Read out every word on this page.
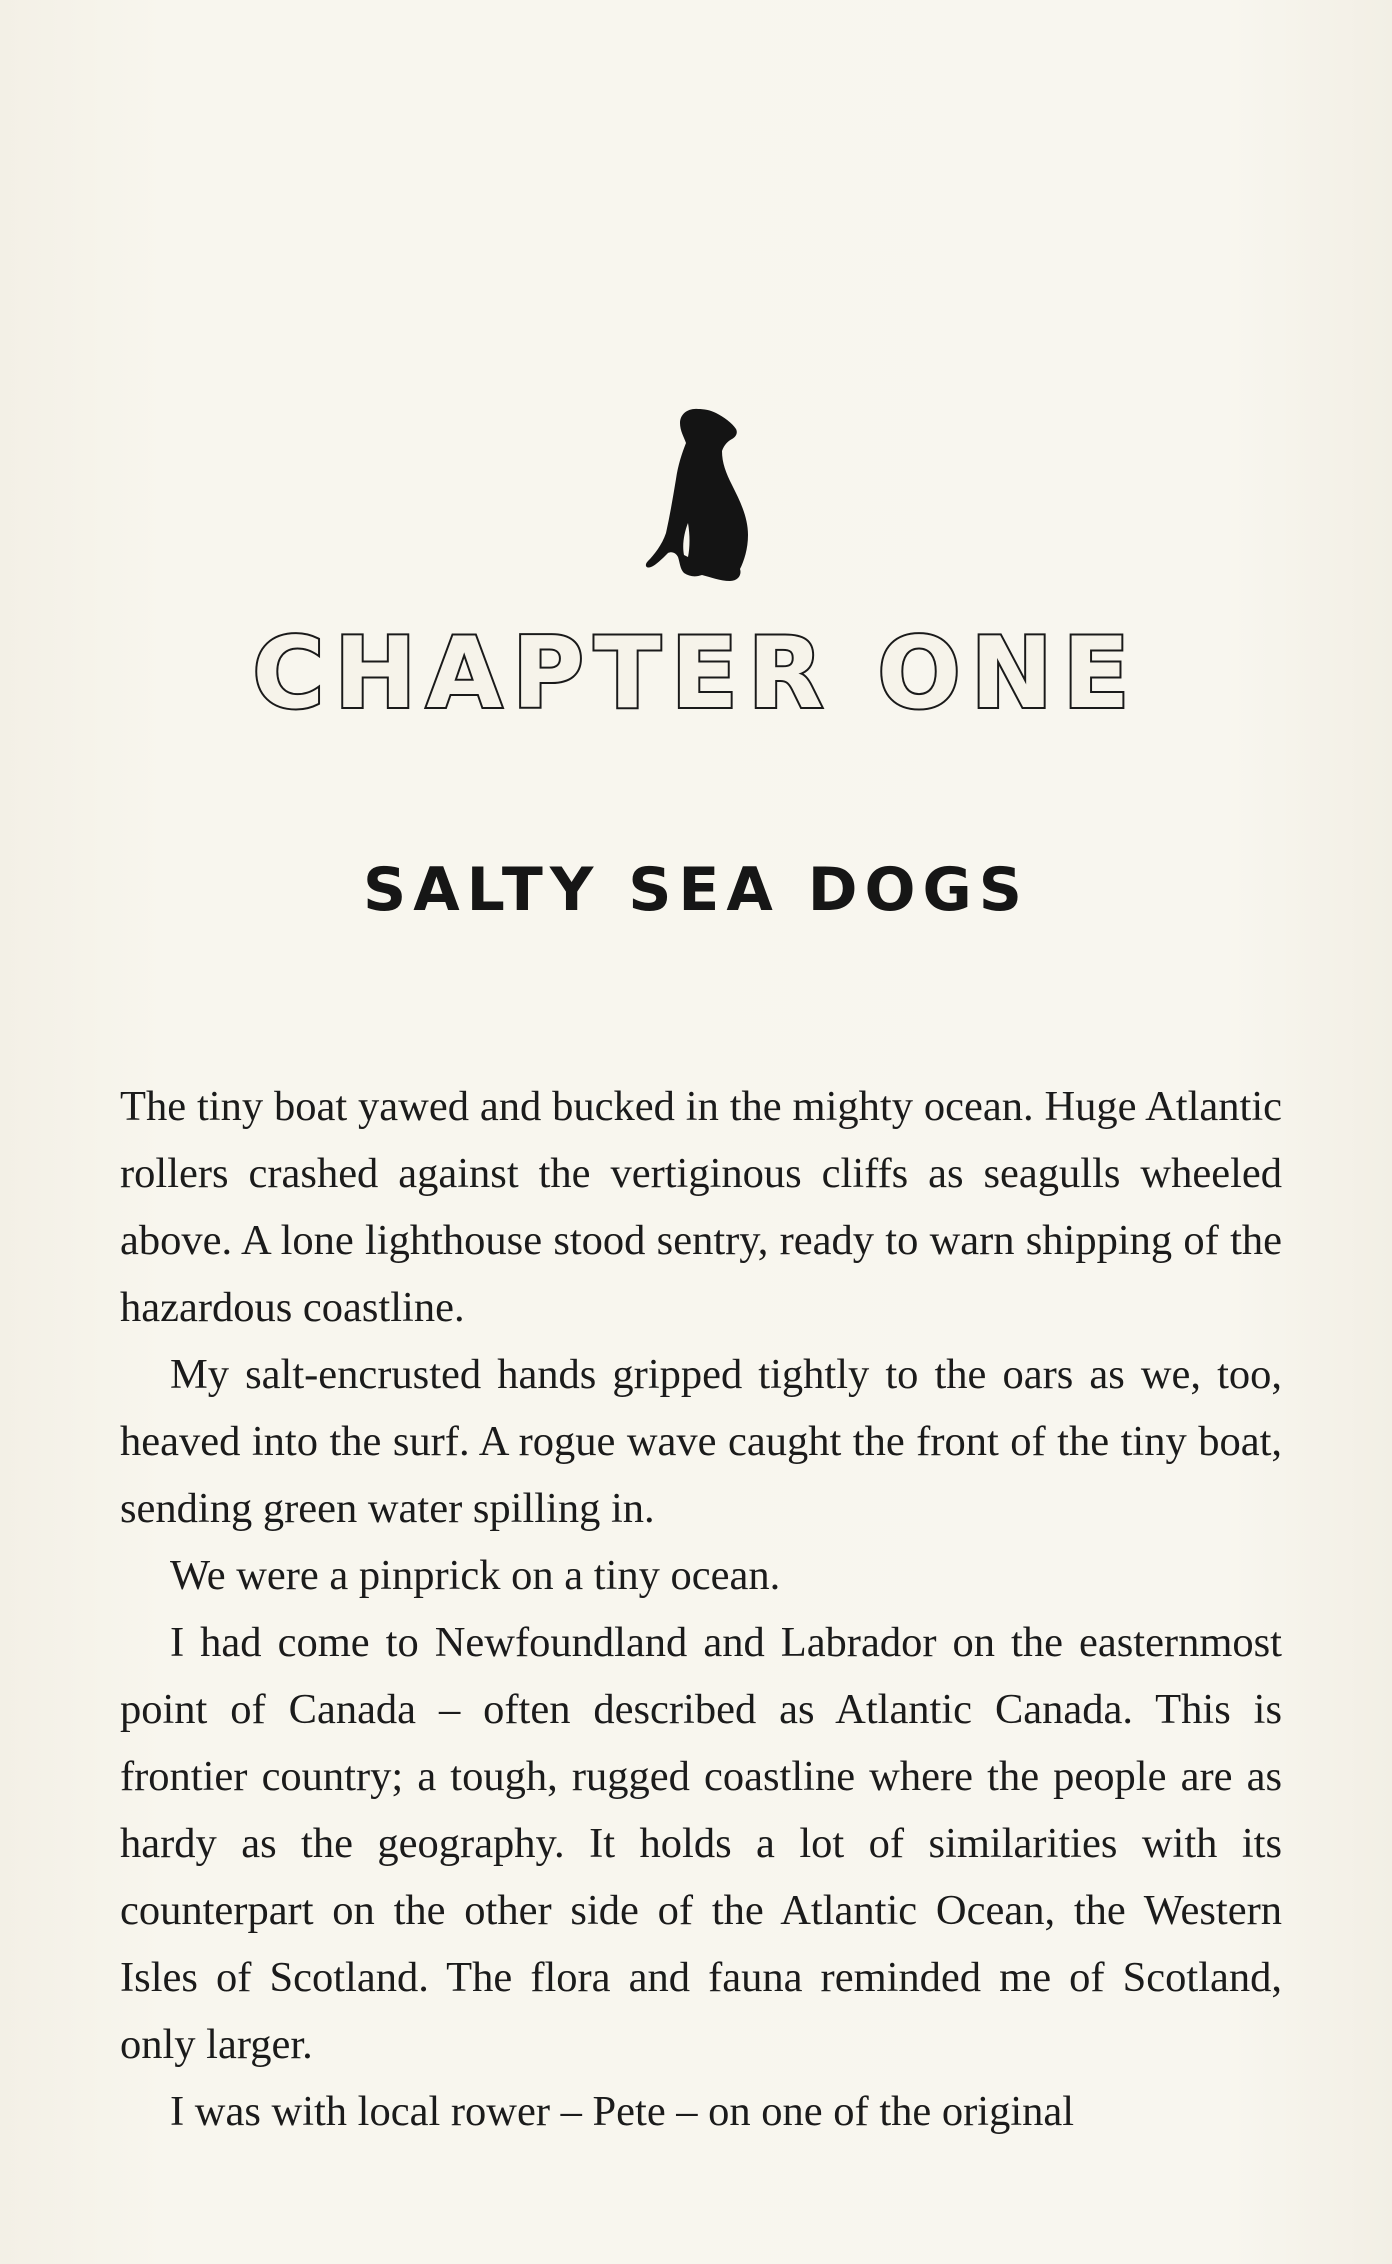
CHAPTER ONE
SALTY SEA DOGS

The tiny boat yawed and bucked in the mighty ocean. Huge Atlantic rollers crashed against the vertiginous cliffs as seagulls wheeled above. A lone lighthouse stood sentry, ready to warn shipping of the hazardous coastline.

My salt-encrusted hands gripped tightly to the oars as we, too, heaved into the surf. A rogue wave caught the front of the tiny boat, sending green water spilling in.

We were a pinprick on a tiny ocean.

I had come to Newfoundland and Labrador on the easternmost point of Canada – often described as Atlantic Canada. This is frontier country; a tough, rugged coastline where the people are as hardy as the geography. It holds a lot of similarities with its counterpart on the other side of the Atlantic Ocean, the Western Isles of Scotland. The flora and fauna reminded me of Scotland, only larger.

I was with local rower – Pete – on one of the original
